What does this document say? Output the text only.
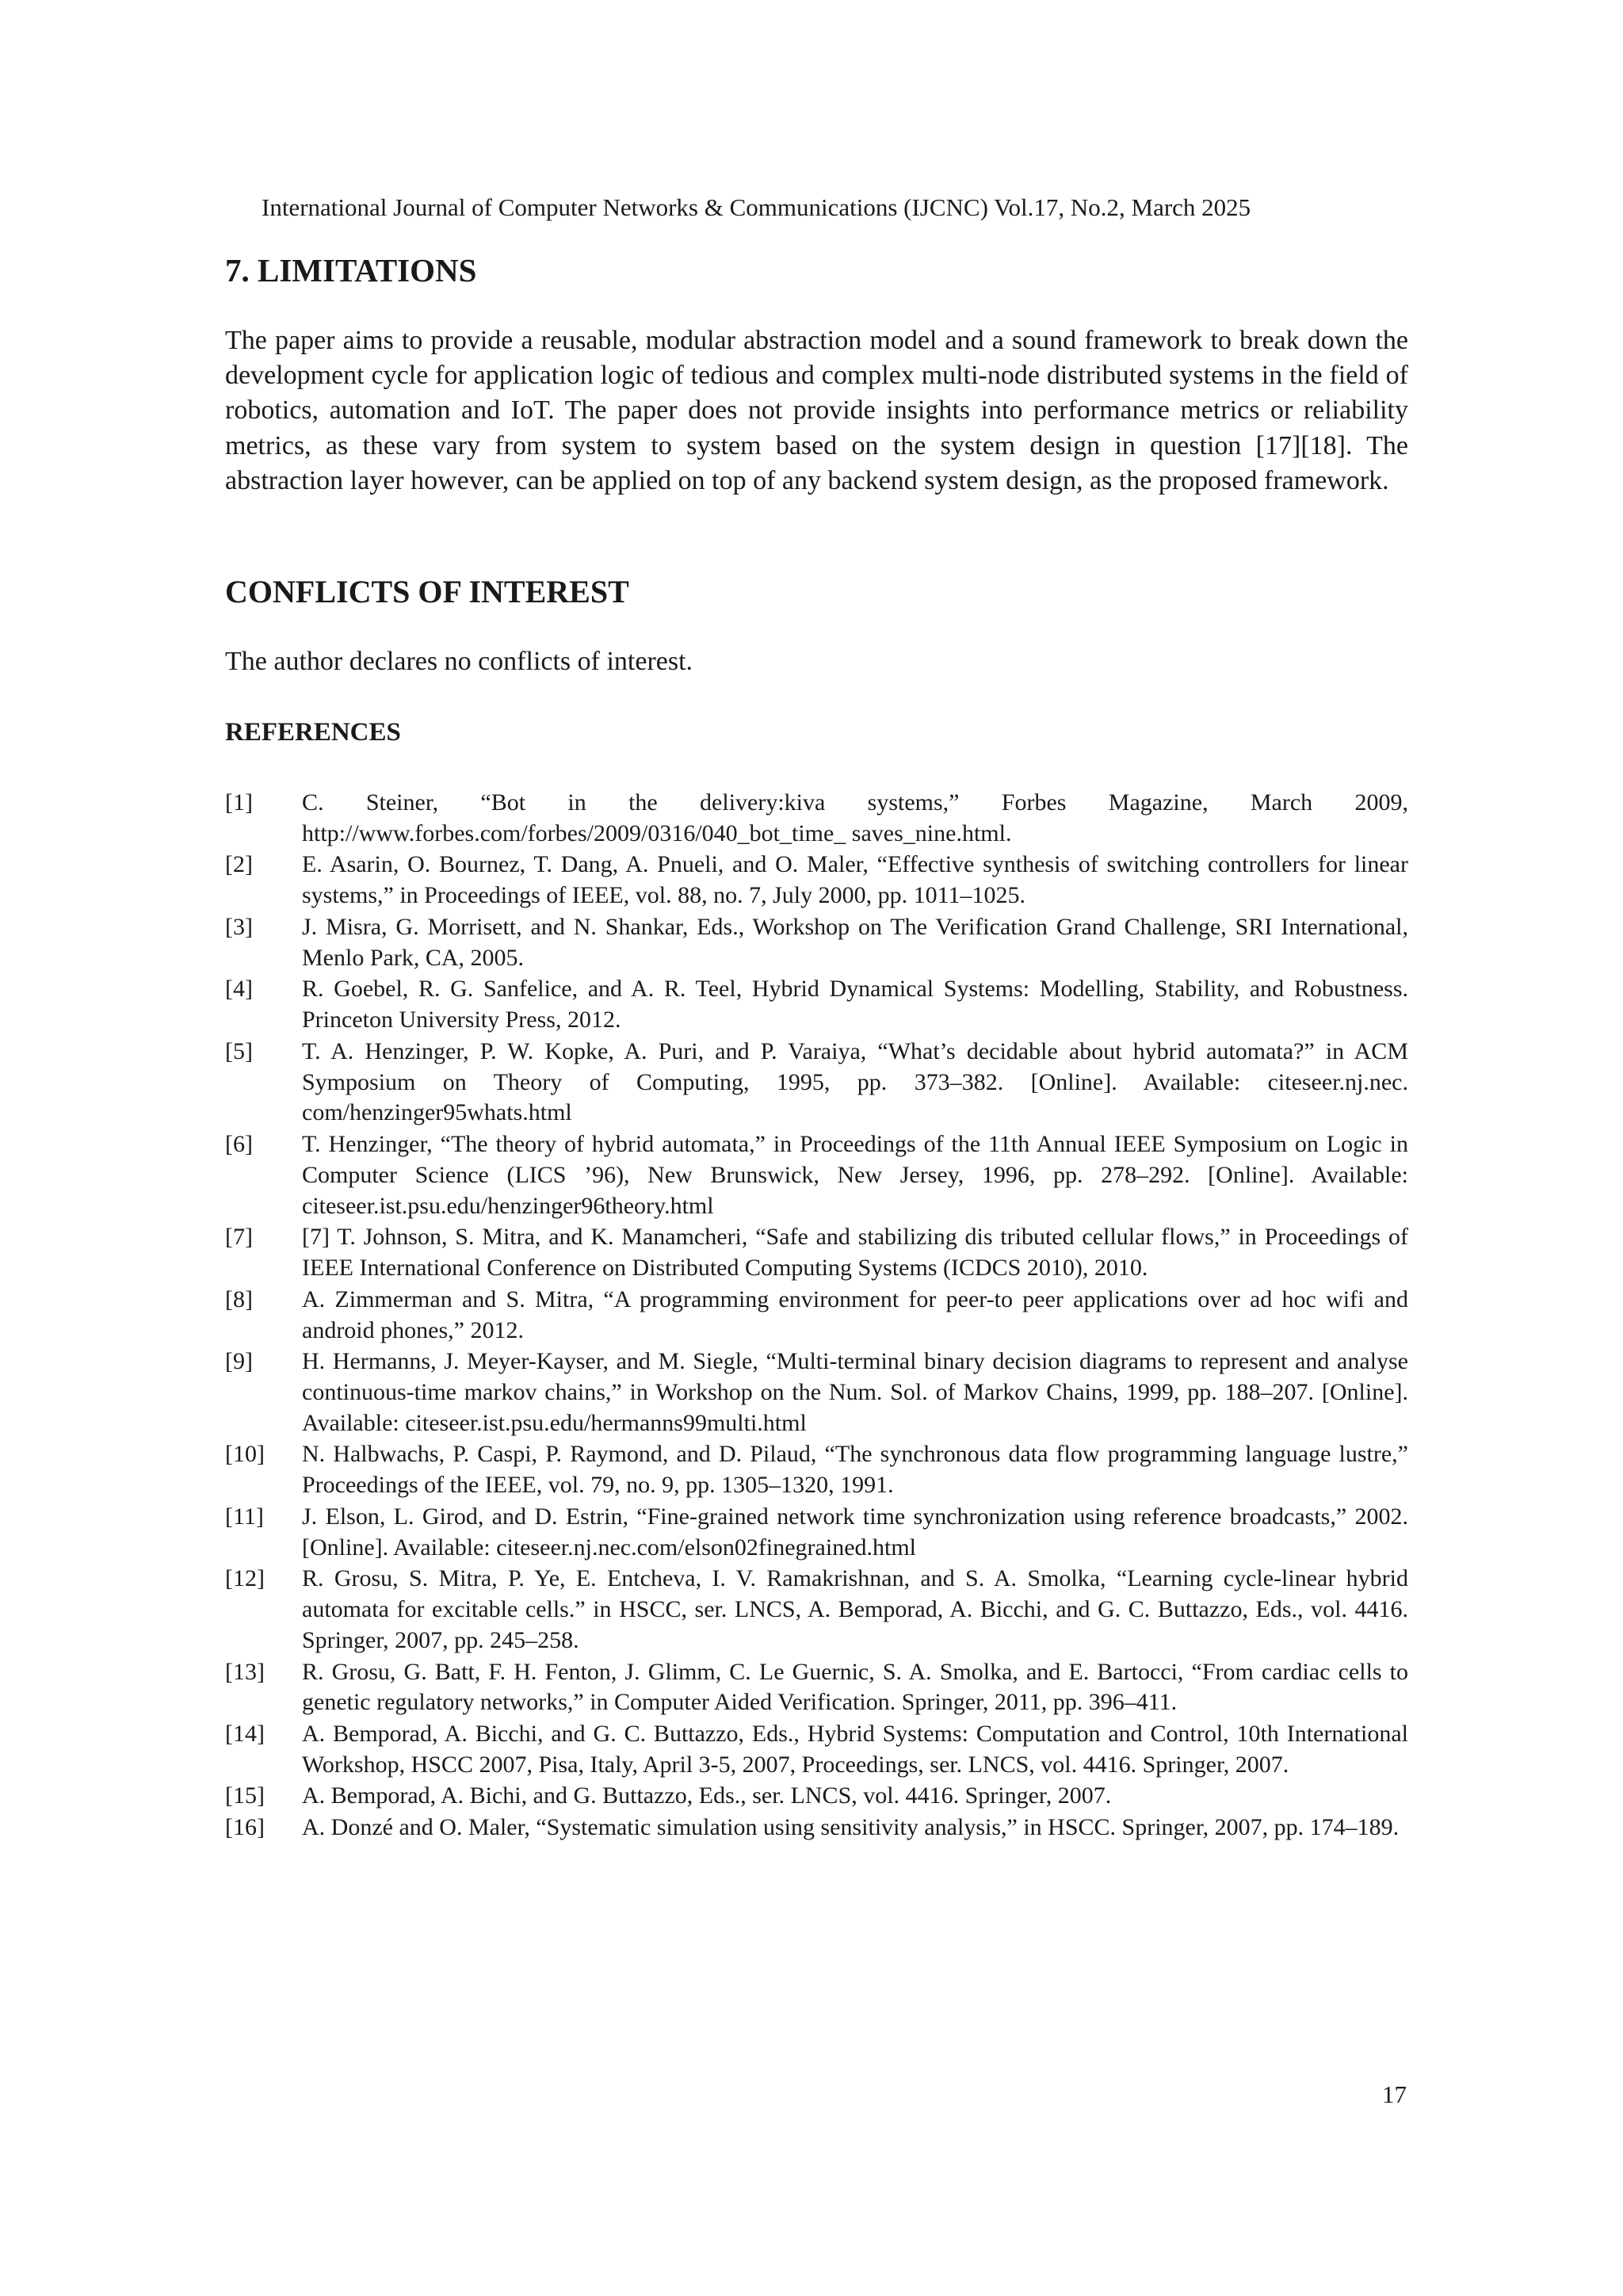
International Journal of Computer Networks & Communications (IJCNC) Vol.17, No.2, March 2025
7. LIMITATIONS

The paper aims to provide a reusable, modular abstraction model and a sound framework to break down the development cycle for application logic of tedious and complex multi-node distributed systems in the field of robotics, automation and IoT. The paper does not provide insights into performance metrics or reliability metrics, as these vary from system to system based on the system design in question [17][18]. The abstraction layer however, can be applied on top of any backend system design, as the proposed framework.

CONFLICTS OF INTEREST

The author declares no conflicts of interest.

REFERENCES
[1]	C. Steiner, “Bot in the delivery:kiva systems,” Forbes Magazine, March 2009, http://www.forbes.com/forbes/2009/0316/040_bot_time_ saves_nine.html.
[2]	E. Asarin, O. Bournez, T. Dang, A. Pnueli, and O. Maler, “Effective synthesis of switching controllers for linear systems,” in Proceedings of IEEE, vol. 88, no. 7, July 2000, pp. 1011–1025.
[3]	J. Misra, G. Morrisett, and N. Shankar, Eds., Workshop on The Verification Grand Challenge, SRI International, Menlo Park, CA, 2005.
[4]	R. Goebel, R. G. Sanfelice, and A. R. Teel, Hybrid Dynamical Systems: Modelling, Stability, and Robustness. Princeton University Press, 2012.
[5]	T. A. Henzinger, P. W. Kopke, A. Puri, and P. Varaiya, “What’s decidable about hybrid automata?” in ACM Symposium on Theory of Computing, 1995, pp. 373–382. [Online]. Available: citeseer.nj.nec. com/henzinger95whats.html
[6]	T. Henzinger, “The theory of hybrid automata,” in Proceedings of the 11th Annual IEEE Symposium on Logic in Computer Science (LICS ’96), New Brunswick, New Jersey, 1996, pp. 278–292. [Online]. Available: citeseer.ist.psu.edu/henzinger96theory.html
[7]	[7] T. Johnson, S. Mitra, and K. Manamcheri, “Safe and stabilizing dis tributed cellular flows,” in Proceedings of IEEE International Conference on Distributed Computing Systems (ICDCS 2010), 2010.
[8]	A. Zimmerman and S. Mitra, “A programming environment for peer-to peer applications over ad hoc wifi and android phones,” 2012.
[9]	H. Hermanns, J. Meyer-Kayser, and M. Siegle, “Multi-terminal binary decision diagrams to represent and analyse continuous-time markov chains,” in Workshop on the Num. Sol. of Markov Chains, 1999, pp. 188–207. [Online]. Available: citeseer.ist.psu.edu/hermanns99multi.html
[10]	N. Halbwachs, P. Caspi, P. Raymond, and D. Pilaud, “The synchronous data flow programming language lustre,” Proceedings of the IEEE, vol. 79, no. 9, pp. 1305–1320, 1991.
[11]	J. Elson, L. Girod, and D. Estrin, “Fine-grained network time synchronization using reference broadcasts,” 2002. [Online]. Available: citeseer.nj.nec.com/elson02finegrained.html
[12]	R. Grosu, S. Mitra, P. Ye, E. Entcheva, I. V. Ramakrishnan, and S. A. Smolka, “Learning cycle-linear hybrid automata for excitable cells.” in HSCC, ser. LNCS, A. Bemporad, A. Bicchi, and G. C. Buttazzo, Eds., vol. 4416. Springer, 2007, pp. 245–258.
[13]	R. Grosu, G. Batt, F. H. Fenton, J. Glimm, C. Le Guernic, S. A. Smolka, and E. Bartocci, “From cardiac cells to genetic regulatory networks,” in Computer Aided Verification. Springer, 2011, pp. 396–411.
[14]	A. Bemporad, A. Bicchi, and G. C. Buttazzo, Eds., Hybrid Systems: Computation and Control, 10th International Workshop, HSCC 2007, Pisa, Italy, April 3-5, 2007, Proceedings, ser. LNCS, vol. 4416. Springer, 2007.
[15]	A. Bemporad, A. Bichi, and G. Buttazzo, Eds., ser. LNCS, vol. 4416. Springer, 2007.
[16]	A. Donzé and O. Maler, “Systematic simulation using sensitivity analysis,” in HSCC. Springer, 2007, pp. 174–189.
17
